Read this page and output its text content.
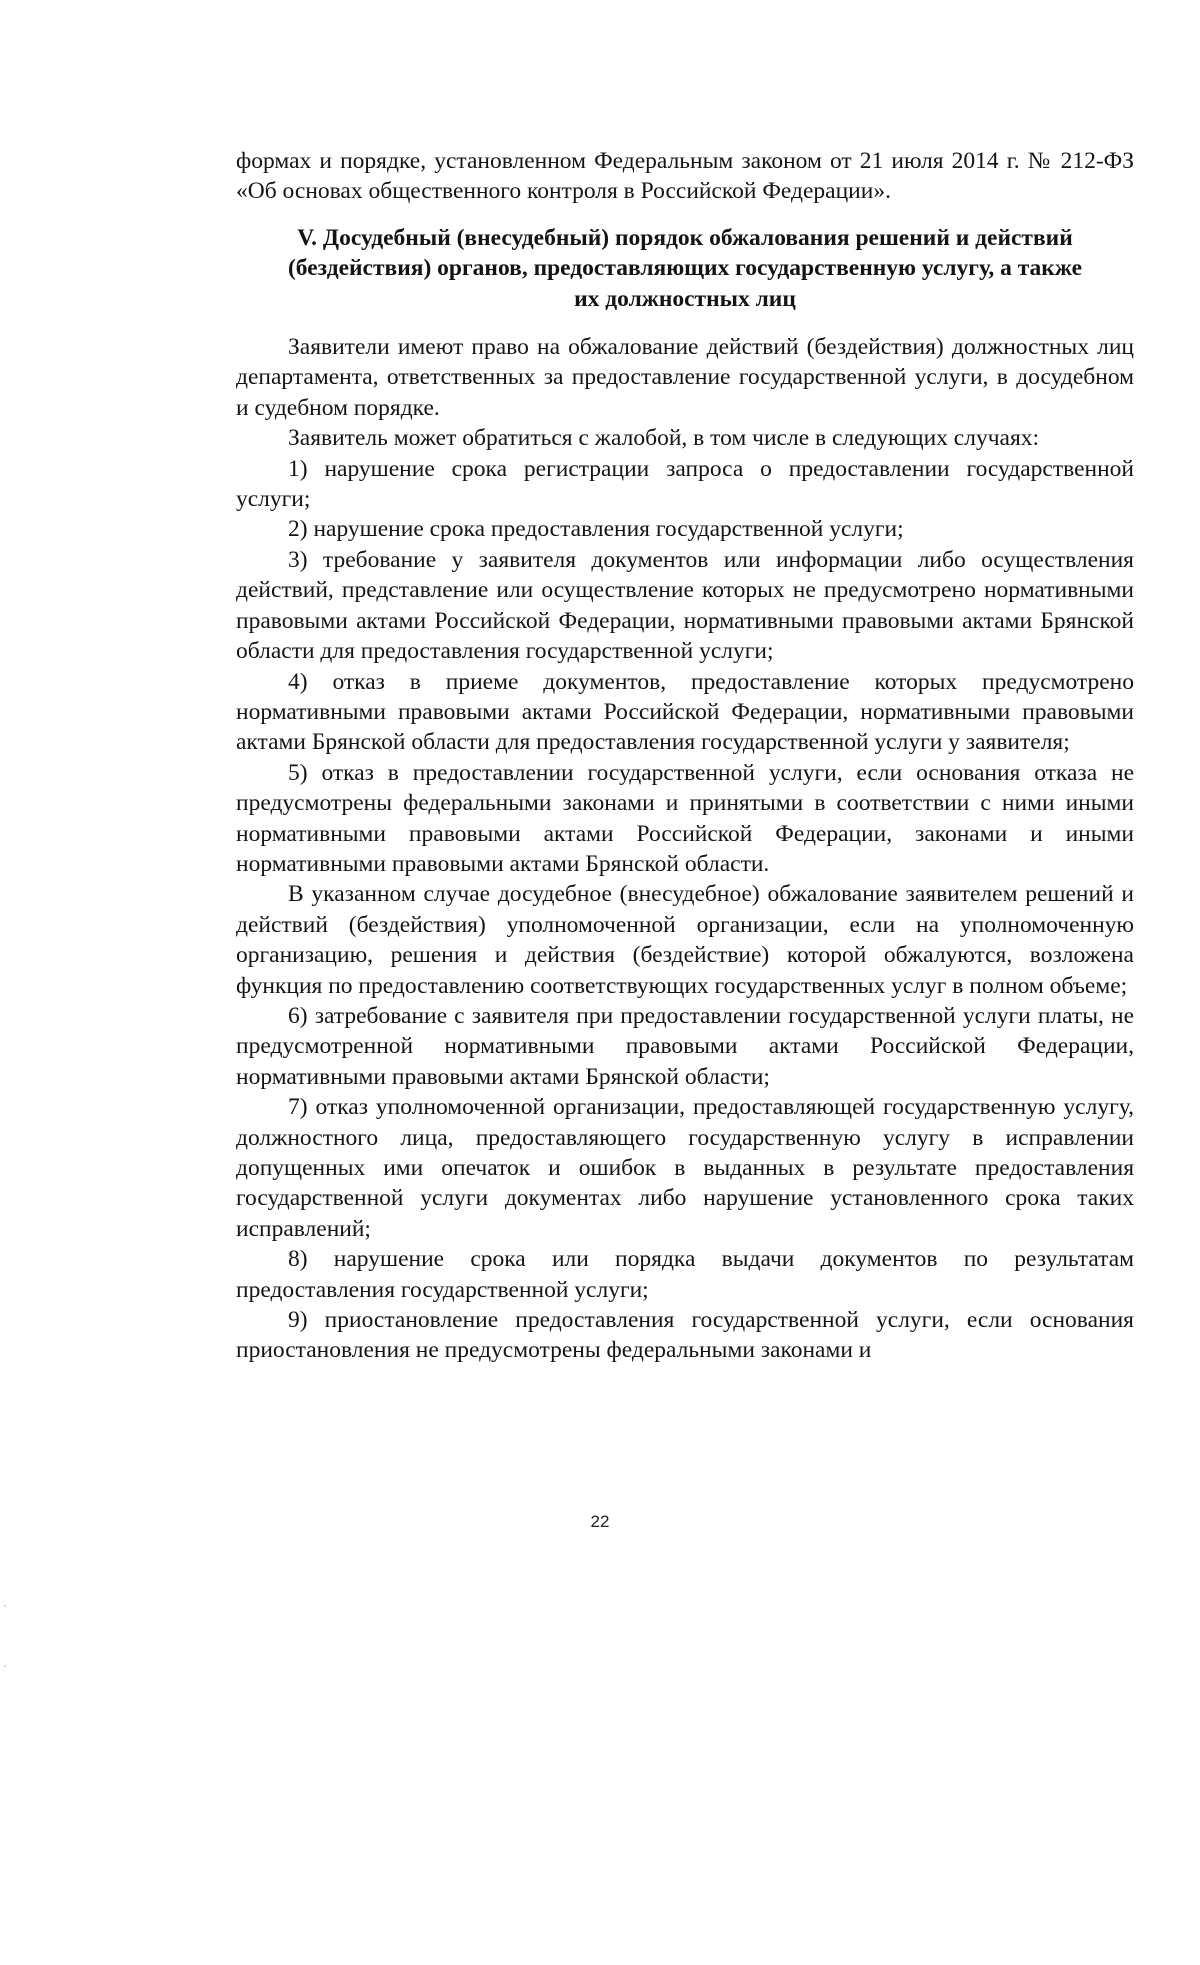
формах и порядке, установленном Федеральным законом от 21 июля 2014 г. № 212-ФЗ «Об основах общественного контроля в Российской Федерации».

V. Досудебный (внесудебный) порядок обжалования решений и действий (бездействия) органов, предоставляющих государственную услугу, а также их должностных лиц

Заявители имеют право на обжалование действий (бездействия) должностных лиц департамента, ответственных за предоставление государственной услуги, в досудебном и судебном порядке.

Заявитель может обратиться с жалобой, в том числе в следующих случаях:

1) нарушение срока регистрации запроса о предоставлении государственной услуги;

2) нарушение срока предоставления государственной услуги;

3) требование у заявителя документов или информации либо осуществления действий, представление или осуществление которых не предусмотрено нормативными правовыми актами Российской Федерации, нормативными правовыми актами Брянской области для предоставления государственной услуги;

4) отказ в приеме документов, предоставление которых предусмотрено нормативными правовыми актами Российской Федерации, нормативными правовыми актами Брянской области для предоставления государственной услуги у заявителя;

5) отказ в предоставлении государственной услуги, если основания отказа не предусмотрены федеральными законами и принятыми в соответствии с ними иными нормативными правовыми актами Российской Федерации, законами и иными нормативными правовыми актами Брянской области.

В указанном случае досудебное (внесудебное) обжалование заявителем решений и действий (бездействия) уполномоченной организации, если на уполномоченную организацию, решения и действия (бездействие) которой обжалуются, возложена функция по предоставлению соответствующих государственных услуг в полном объеме;

6) затребование с заявителя при предоставлении государственной услуги платы, не предусмотренной нормативными правовыми актами Российской Федерации, нормативными правовыми актами Брянской области;

7) отказ уполномоченной организации, предоставляющей государственную услугу, должностного лица, предоставляющего государственную услугу в исправлении допущенных ими опечаток и ошибок в выданных в результате предоставления государственной услуги документах либо нарушение установленного срока таких исправлений;

8) нарушение срока или порядка выдачи документов по результатам предоставления государственной услуги;

9) приостановление предоставления государственной услуги, если основания приостановления не предусмотрены федеральными законами и

22
